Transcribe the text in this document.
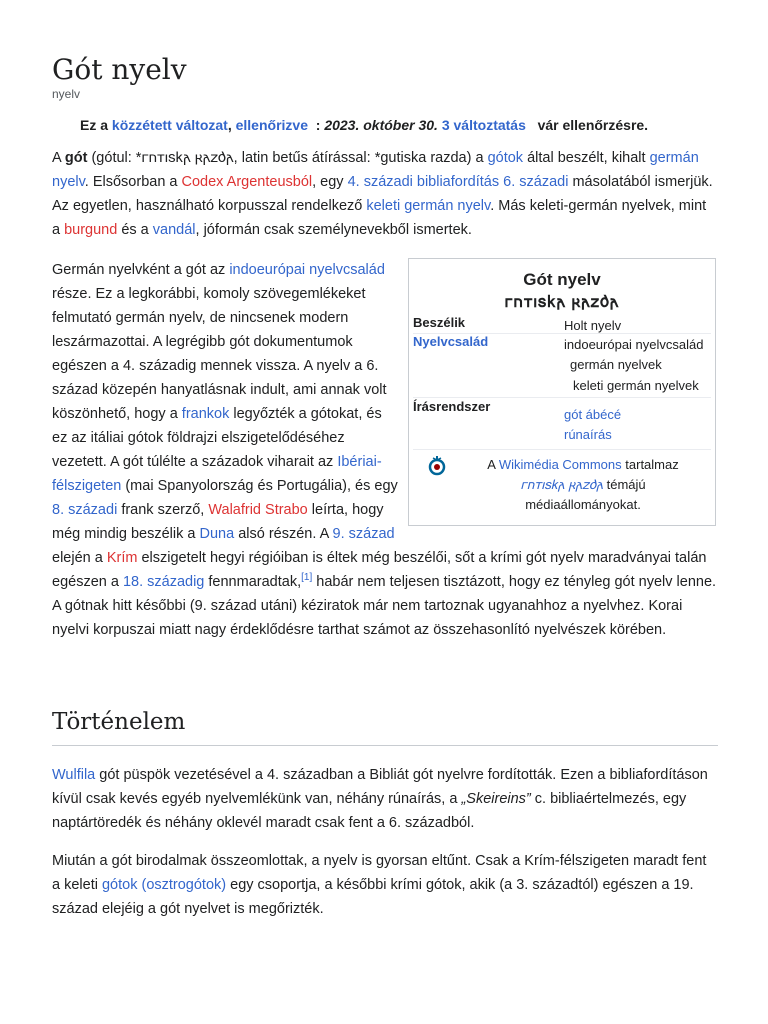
Gót nyelv
nyelv
Ez a közzétett változat, ellenőrizve : 2023. október 30. 3 változtatás vár ellenőrzésre.

A gót (gótul: *𐌲𐌿𐍄𐌹𐍃𐌺𐌰 𐍂𐌰𐌶𐌳𐌰, latin betűs átírással: *gutiska razda) a gótok által beszélt, kihalt germán nyelv. Elsősorban a Codex Argenteusból, egy 4. századi bibliafordítás 6. századi másolatából ismerjük. Az egyetlen, használható korpusszal rendelkező keleti germán nyelv. Más keleti-germán nyelvek, mint a burgund és a vandál, jóformán csak személynevekből ismertek.

Germán nyelvként a gót az indoeurópai nyelvcsalád része. Ez a legkorábbi, komoly szövegemlékeket felmutató germán nyelv, de nincsenek modern leszármazottai. A legrégibb gót dokumentumok egészen a 4. századig mennek vissza. A nyelv a 6. század közepén hanyatlásnak indult, ami annak volt köszönhető, hogy a frankok legyőzték a gótokat, és ez az itáliai gótok földrajzi elszigetelődéséhez vezetett. A gót túlélte a századok viharait az Ibériai-félszigeten (mai Spanyolország és Portugália), és egy 8. századi frank szerző, Walafrid Strabo leírta, hogy még mindig beszélik a Duna alsó részén. A 9. század elején a Krím elszigetelt hegyi régióiban is éltek még beszélői, sőt a krími gót nyelv maradványai talán egészen a 18. századig fennmaradtak,[1] habár nem teljesen tisztázott, hogy ez tényleg gót nyelv lenne. A gótnak hitt későbbi (9. század utáni) kéziratok már nem tartoznak ugyanahhoz a nyelvhez. Korai nyelvi korpuszai miatt nagy érdeklődésre tarthat számot az összehasonlító nyelvészek körében.

Történelem

Wulfila gót püspök vezetésével a 4. században a Bibliát gót nyelvre fordították. Ezen a bibliafordításon kívül csak kevés egyéb nyelvemlékünk van, néhány rúnaírás, a „Skeireins” c. bibliaértelmezés, egy naptártöredék és néhány oklevél maradt csak fent a 6. századból.

Miután a gót birodalmak összeomlottak, a nyelv is gyorsan eltűnt. Csak a Krím-félszigeten maradt fent a keleti gótok (osztrogótok) egy csoportja, a későbbi krími gótok, akik (a 3. századtól) egészen a 19. század elejéig a gót nyelvet is megőrizték.

Gót nyelv
𐌲𐌿𐍄𐌹𐍃𐌺𐌰 𐍂𐌰𐌶𐌳𐌰
Beszélik	Holt nyelv
Nyelvcsalád	indoeurópai nyelvcsalád
germán nyelvek
keleti germán nyelvek
Írásrendszer
gót ábécé
rúnaírás
A Wikimédia Commons tartalmaz
𐌲𐌿𐍄𐌹𐍃𐌺𐌰 𐍂𐌰𐌶𐌳𐌰 témájú
médiaállományokat.
